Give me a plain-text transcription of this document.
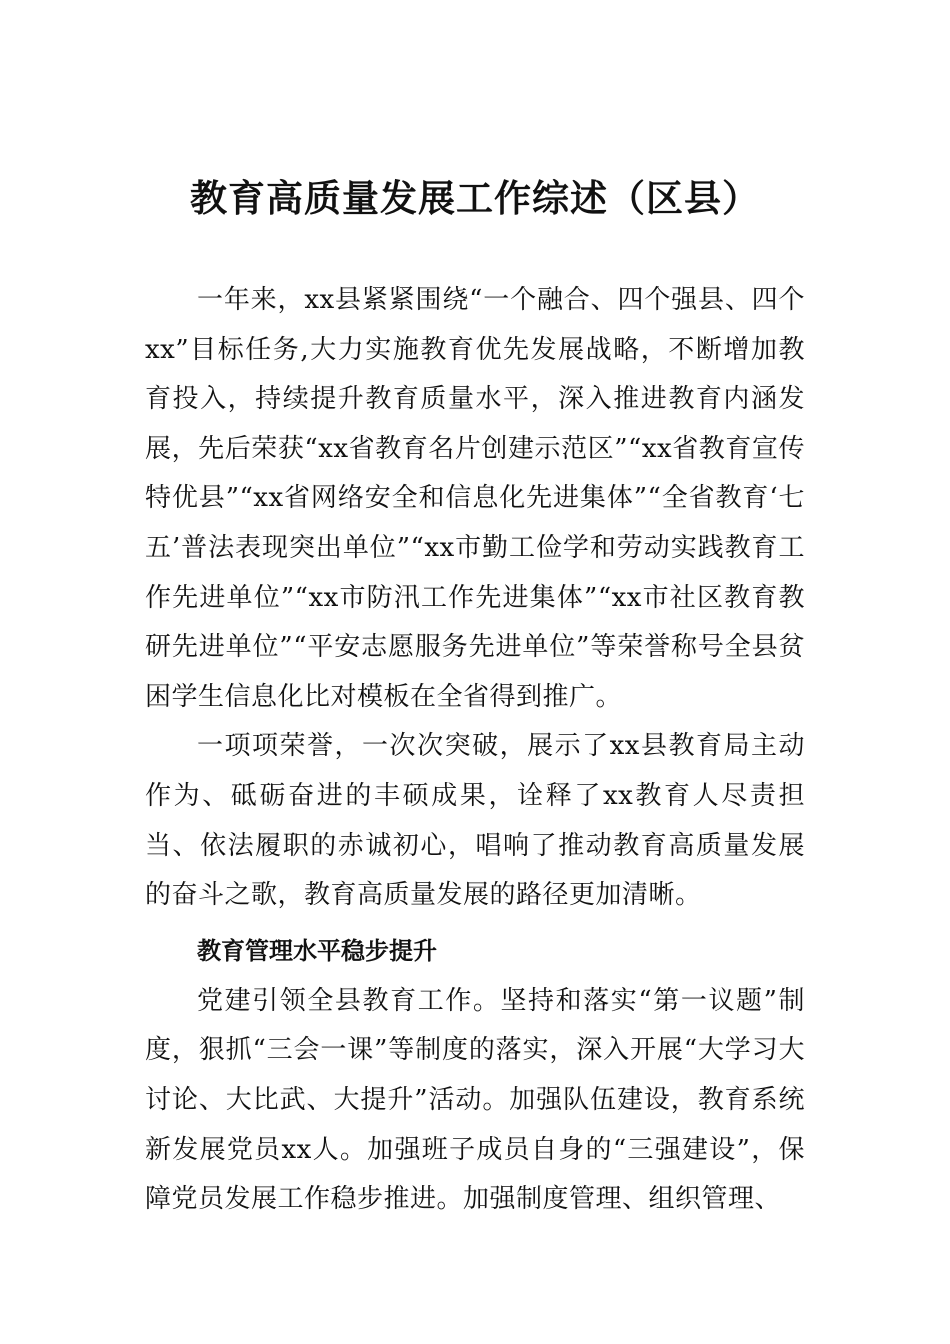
教育高质量发展工作综述（区县）

一年来，xx县紧紧围绕“一个融合、四个强县、四个xx”目标任务,大力实施教育优先发展战略，不断增加教育投入，持续提升教育质量水平，深入推进教育内涵发展，先后荣获“xx省教育名片创建示范区”“xx省教育宣传特优县”“xx省网络安全和信息化先进集体”“全省教育‘七五’普法表现突出单位”“xx市勤工俭学和劳动实践教育工作先进单位”“xx市防汛工作先进集体”“xx市社区教育教研先进单位”“平安志愿服务先进单位”等荣誉称号全县贫困学生信息化比对模板在全省得到推广。

一项项荣誉，一次次突破，展示了xx县教育局主动作为、砥砺奋进的丰硕成果，诠释了xx教育人尽责担当、依法履职的赤诚初心，唱响了推动教育高质量发展的奋斗之歌，教育高质量发展的路径更加清晰。

教育管理水平稳步提升

党建引领全县教育工作。坚持和落实“第一议题”制度，狠抓“三会一课”等制度的落实，深入开展“大学习大讨论、大比武、大提升”活动。加强队伍建设，教育系统新发展党员xx人。加强班子成员自身的“三强建设”，保障党员发展工作稳步推进。加强制度管理、组织管理、
